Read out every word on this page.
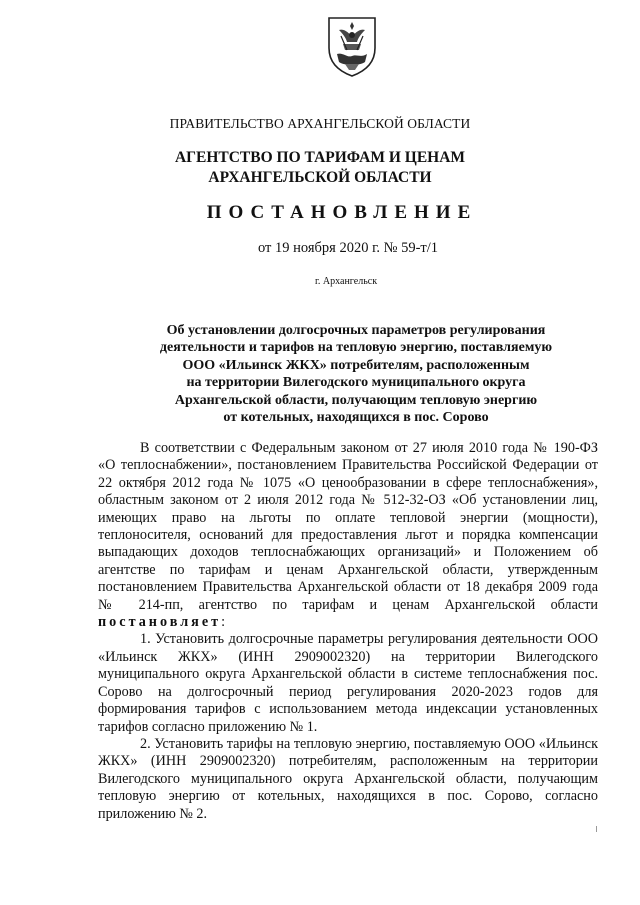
ПРАВИТЕЛЬСТВО АРХАНГЕЛЬСКОЙ ОБЛАСТИ
АГЕНТСТВО ПО ТАРИФАМ И ЦЕНАМ
АРХАНГЕЛЬСКОЙ ОБЛАСТИ
ПОСТАНОВЛЕНИЕ
от 19 ноября 2020 г. № 59-т/1
г. Архангельск
Об установлении долгосрочных параметров регулирования
деятельности и тарифов на тепловую энергию, поставляемую
ООО «Ильинск ЖКХ» потребителям, расположенным
на территории Вилегодского муниципального округа
Архангельской области, получающим тепловую энергию
от котельных, находящихся в пос. Сорово

В соответствии с Федеральным законом от 27 июля 2010 года № 190-ФЗ «О теплоснабжении», постановлением Правительства Российской Федерации от 22 октября 2012 года № 1075 «О ценообразовании в сфере теплоснабжения», областным законом от 2 июля 2012 года № 512-32-ОЗ «Об установлении лиц, имеющих право на льготы по оплате тепловой энергии (мощности), теплоносителя, оснований для предоставления льгот и порядка компенсации выпадающих доходов теплоснабжающих организаций» и Положением об агентстве по тарифам и ценам Архангельской области, утвержденным постановлением Правительства Архангельской области от 18 декабря 2009 года № 214-пп, агентство по тарифам и ценам Архангельской области постановляет:

1. Установить долгосрочные параметры регулирования деятельности ООО «Ильинск ЖКХ» (ИНН 2909002320) на территории Вилегодского муниципального округа Архангельской области в системе теплоснабжения пос. Сорово на долгосрочный период регулирования 2020-2023 годов для формирования тарифов с использованием метода индексации установленных тарифов согласно приложению № 1.

2. Установить тарифы на тепловую энергию, поставляемую ООО «Ильинск ЖКХ» (ИНН 2909002320) потребителям, расположенным на территории Вилегодского муниципального округа Архангельской области, получающим тепловую энергию от котельных, находящихся в пос. Сорово, согласно приложению № 2.
